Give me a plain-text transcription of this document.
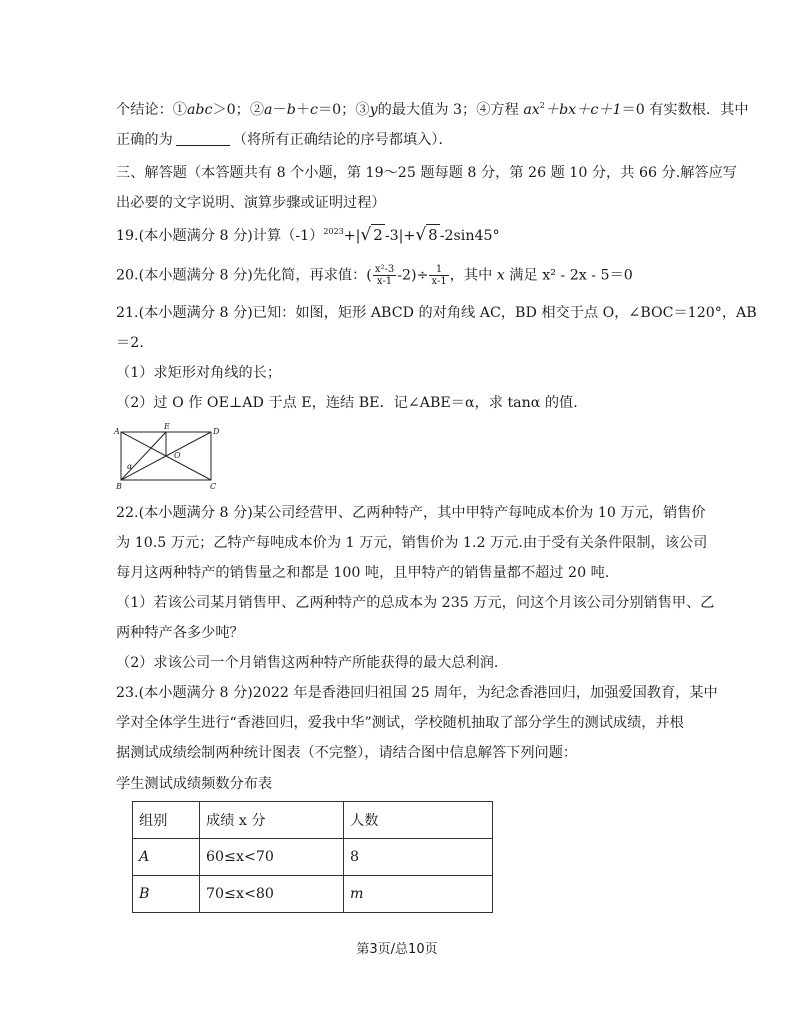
个结论：①abc＞0；②a－b＋c＝0；③y的最大值为 3；④方程 $ax^2+bx+c+1=0$ 有实数根．其中
正确的为	（将所有正确结论的序号都填入）．
三、解答题（本答题共有 8 个小题，第 19～25 题每题 8 分，第 26 题 10 分，共 66 分.解答应写
出必要的文字说明、演算步骤或证明过程）
19.(本小题满分 8 分)计算$(-1)^{2023}+|√$ 2 -3|+√ 8 -2sin45°
20.(本小题满分 8 分)先化简，再求值：( $\frac{\text{x²-3}}{x-1} -2)\div \frac{1}{x-1}$ ，其中 x 满足 x² - 2x - 5＝0
21.(本小题满分 8 分)已知：如图，矩形 ABCD 的对角线 AC，BD 相交于点 O，∠BOC＝120°，AB
＝2.
（1）求矩形对角线的长；
（2）过 O 作 OE⊥AD 于点 E，连结 BE．记∠ABE＝α，求 tanα 的值.
A
E
D
O
α
B	C
22.(本小题满分 8 分)某公司经营甲、乙两种特产，其中甲特产每吨成本价为 10 万元，销售价
为 10.5 万元；乙特产每吨成本价为 1 万元，销售价为 1.2 万元.由于受有关条件限制，该公司
每月这两种特产的销售量之和都是 100 吨，且甲特产的销售量都不超过 20 吨.
（1）若该公司某月销售甲、乙两种特产的总成本为 235 万元，问这个月该公司分别销售甲、乙
两种特产各多少吨？
（2）求该公司一个月销售这两种特产所能获得的最大总利润.
23.(本小题满分 8 分)2022 年是香港回归祖国 25 周年，为纪念香港回归，加强爱国教育，某中
学对全体学生进行“香港回归，爱我中华”测试，学校随机抽取了部分学生的测试成绩，并根
据测试成绩绘制两种统计图表（不完整），请结合图中信息解答下列问题：
学生测试成绩频数分布表
组别	成绩 x 分	人数
A	60≤x<70	8
B	70≤x<80	m
第3页/总10页
